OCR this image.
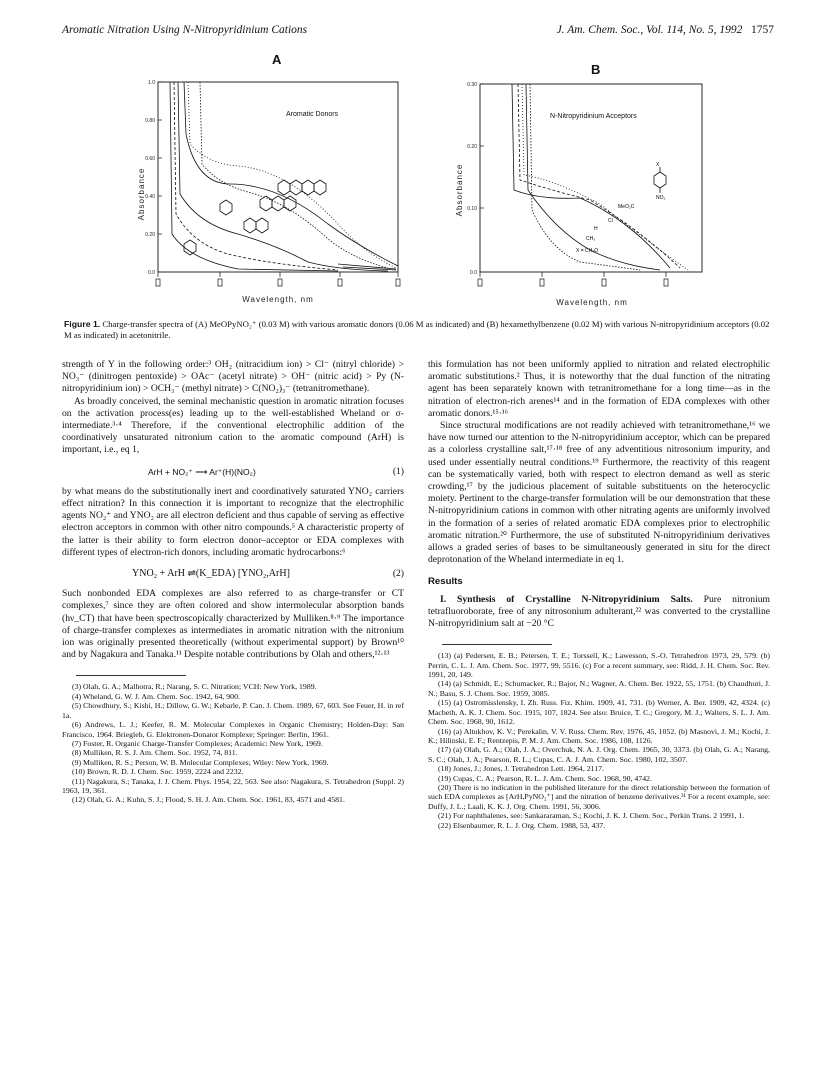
Aromatic Nitration Using N-Nitropyridinium Cations	J. Am. Chem. Soc., Vol. 114, No. 5, 1992 1757
A
B
1.0
0.80
0.60
0.40
0.20
0.0
Aromatic Donors
Absorbance
Wavelength, nm
0.30
0.20
0.10
0.0
N-Nitropyridinium Acceptors
X
NO₂
MeO₂C
Cl
H
CH₃
X = CH₃O
Absorbance
Wavelength, nm
Figure 1. Charge-transfer spectra of (A) MeOPyNO₂⁺ (0.03 M) with various aromatic donors (0.06 M as indicated) and (B) hexamethylbenzene (0.02 M) with various N-nitropyridinium acceptors (0.02 M as indicated) in acetonitrile.

strength of Y in the following order:³ OH₂ (nitracidium ion) > Cl⁻ (nitryl chloride) > NO₃⁻ (dinitrogen pentoxide) > OAc⁻ (acetyl nitrate) > OH⁻ (nitric acid) > Py (N-nitropyridinium ion) > OCH₃⁻ (methyl nitrate) > C(NO₂)₃⁻ (tetranitromethane).

As broadly conceived, the seminal mechanistic question in aromatic nitration focuses on the activation process(es) leading up to the well-established Wheland or σ-intermediate.³·⁴ Therefore, if the conventional electrophilic addition of the coordinatively unsaturated nitronium cation to the aromatic compound (ArH) is important, i.e., eq 1,

ArH + NO₂⁺ ⟶ Ar⁺(H)(NO₂)	(1)

by what means do the substitutionally inert and coordinatively saturated YNO₂ carriers effect nitration? In this connection it is important to recognize that the electrophilic agents NO₂⁺ and YNO₂ are all electron deficient and thus capable of serving as effective electron acceptors in common with other nitro compounds.⁵ A characteristic property of the latter is their ability to form electron donor–acceptor or EDA complexes with different types of electron-rich donors, including aromatic hydrocarbons:⁶

YNO₂ + ArH ⇌(K_EDA) [YNO₂,ArH]	(2)

Such nonbonded EDA complexes are also referred to as charge-transfer or CT complexes,⁷ since they are often colored and show intermolecular absorption bands (hν_CT) that have been spectroscopically characterized by Mulliken.⁸·⁹ The importance of charge-transfer complexes as intermediates in aromatic nitration with the nitronium ion was originally presented theoretically (without experimental support) by Brown¹⁰ and by Nagakura and Tanaka.¹¹ Despite notable contributions by Olah and others,¹²·¹³

(3) Olah, G. A.; Malhotra, R.; Narang, S. C. Nitration; VCH: New York, 1989.

(4) Wheland, G. W. J. Am. Chem. Soc. 1942, 64, 900.

(5) Chowdhury, S.; Kishi, H.; Dillow, G. W.; Kebarle, P. Can. J. Chem. 1989, 67, 603. See Feuer, H. in ref 1a.

(6) Andrews, L. J.; Keefer, R. M. Molecular Complexes in Organic Chemistry; Holden-Day: San Francisco, 1964. Briegleb, G. Elektronen-Donator Komplexe; Springer: Berlin, 1961.

(7) Foster, R. Organic Charge-Transfer Complexes; Academic: New York, 1969.

(8) Mulliken, R. S. J. Am. Chem. Soc. 1952, 74, 811.

(9) Mulliken, R. S.; Person, W. B. Molecular Complexes; Wiley: New York, 1969.

(10) Brown, R. D. J. Chem. Soc. 1959, 2224 and 2232.

(11) Nagakura, S.; Tanaka, J. J. Chem. Phys. 1954, 22, 563. See also: Nagakura, S. Tetrahedron (Suppl. 2) 1963, 19, 361.

(12) Olah, G. A.; Kuhn, S. J.; Flood, S. H. J. Am. Chem. Soc. 1961, 83, 4571 and 4581.

this formulation has not been uniformly applied to nitration and related electrophilic aromatic substitutions.² Thus, it is noteworthy that the dual function of the nitrating agent has been separately known with tetranitromethane for a long time—as in the nitration of electron-rich arenes¹⁴ and in the formation of EDA complexes with other aromatic donors.¹⁵·¹⁶

Since structural modifications are not readily achieved with tetranitromethane,¹⁶ we have now turned our attention to the N-nitropyridinium acceptor, which can be prepared as a colorless crystalline salt,¹⁷·¹⁸ free of any adventitious nitrosonium impurity, and used under essentially neutral conditions.¹⁹ Furthermore, the reactivity of this reagent can be systematically varied, both with respect to electron demand as well as steric crowding,¹⁷ by the judicious placement of suitable substituents on the heterocyclic moiety. Pertinent to the charge-transfer formulation will be our demonstration that these N-nitropyridinium cations in common with other nitrating agents are uniformly involved in the formation of a series of related aromatic EDA complexes prior to electrophilic aromatic nitration.²⁰ Furthermore, the use of substituted N-nitropyridinium derivatives allows a graded series of bases to be simultaneously generated in situ for the direct deprotonation of the Wheland intermediate in eq 1.

Results

I. Synthesis of Crystalline N-Nitropyridinium Salts. Pure nitronium tetrafluoroborate, free of any nitrosonium adulterant,²² was converted to the crystalline N-nitropyridinium salt at −20 °C

(13) (a) Pedersen, E. B.; Petersen, T. E.; Torssell, K.; Lawesson, S.-O. Tetrahedron 1973, 29, 579. (b) Perrin, C. L. J. Am. Chem. Soc. 1977, 99, 5516. (c) For a recent summary, see: Ridd, J. H. Chem. Soc. Rev. 1991, 20, 149.

(14) (a) Schmidt, E.; Schumacker, R.; Bajor, N.; Wagner, A. Chem. Ber. 1922, 55, 1751. (b) Chaudhuri, J. N.; Basu, S. J. Chem. Soc. 1959, 3085.

(15) (a) Ostromisslensky, I. Zh. Russ. Fiz. Khim. 1909, 41, 731. (b) Werner, A. Ber. 1909, 42, 4324. (c) Macbeth, A. K. J. Chem. Soc. 1915, 107, 1824. See also: Bruice, T. C.; Gregory, M. J.; Walters, S. L. J. Am. Chem. Soc. 1968, 90, 1612.

(16) (a) Altukhov, K. V.; Perekalin, V. V. Russ. Chem. Rev. 1976, 45, 1052. (b) Masnovi, J. M.; Kochi, J. K.; Hilinski, E. F.; Rentzepis, P. M. J. Am. Chem. Soc. 1986, 108, 1126.

(17) (a) Olah, G. A.; Olah, J. A.; Overchuk, N. A. J. Org. Chem. 1965, 30, 3373. (b) Olah, G. A.; Narang, S. C.; Olah, J. A.; Pearson, R. L.; Cupas, C. A. J. Am. Chem. Soc. 1980, 102, 3507.

(18) Jones, J.; Jones, J. Tetrahedron Lett. 1964, 2117.

(19) Cupas, C. A.; Pearson, R. L. J. Am. Chem. Soc. 1968, 90, 4742.

(20) There is no indication in the published literature for the direct relationship between the formation of such EDA complexes as [ArH,PyNO₂⁺] and the nitration of benzene derivatives.²¹ For a recent example, see: Duffy, J. L.; Laali, K. K. J. Org. Chem. 1991, 56, 3006.

(21) For naphthalenes, see: Sankararaman, S.; Kochi, J. K. J. Chem. Soc., Perkin Trans. 2 1991, 1.

(22) Elsenbaumer, R. L. J. Org. Chem. 1988, 53, 437.
